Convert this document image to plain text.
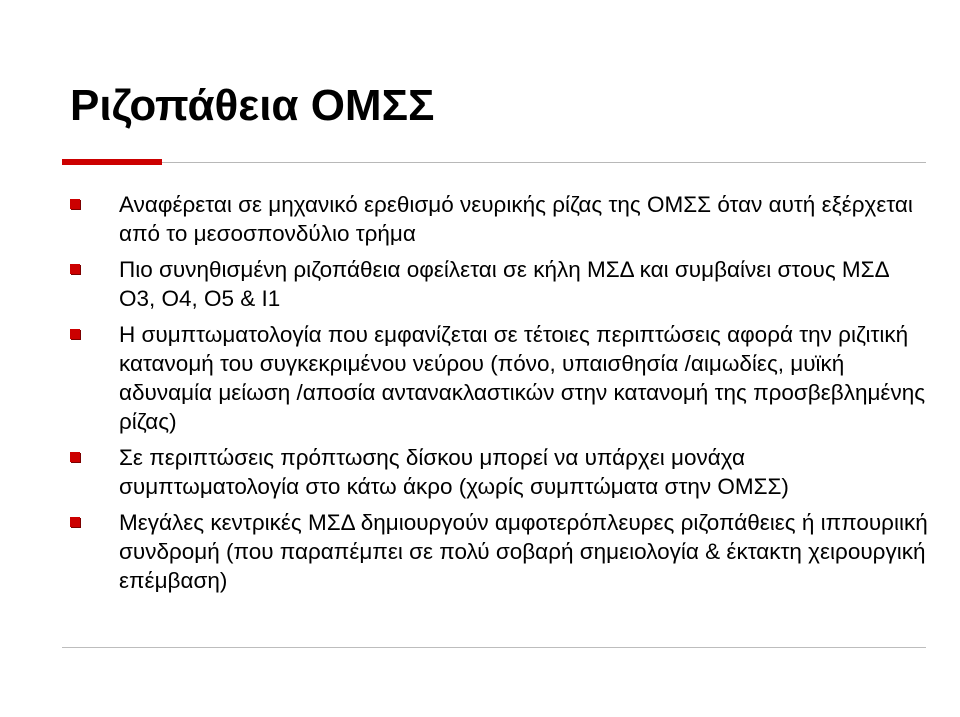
Ριζοπάθεια ΟΜΣΣ
Αναφέρεται σε μηχανικό ερεθισμό νευρικής ρίζας της ΟΜΣΣ όταν αυτή εξέρχεται από το μεσοσπονδύλιο τρήμα
Πιο συνηθισμένη ριζοπάθεια οφείλεται σε κήλη ΜΣΔ και συμβαίνει στους ΜΣΔ Ο3, Ο4, Ο5 & Ι1
Η συμπτωματολογία που εμφανίζεται σε τέτοιες περιπτώσεις αφορά την ριζιτική κατανομή του συγκεκριμένου νεύρου (πόνο, υπαισθησία /αιμωδίες, μυϊκή αδυναμία μείωση /αποσία αντανακλαστικών στην κατανομή της προσβεβλημένης ρίζας)
Σε περιπτώσεις πρόπτωσης δίσκου μπορεί να υπάρχει μονάχα συμπτωματολογία στο κάτω άκρο (χωρίς συμπτώματα στην ΟΜΣΣ)
Μεγάλες κεντρικές ΜΣΔ δημιουργούν αμφοτερόπλευρες ριζοπάθειες ή ιππουριική συνδρομή (που παραπέμπει σε πολύ σοβαρή σημειολογία & έκτακτη χειρουργική επέμβαση)
